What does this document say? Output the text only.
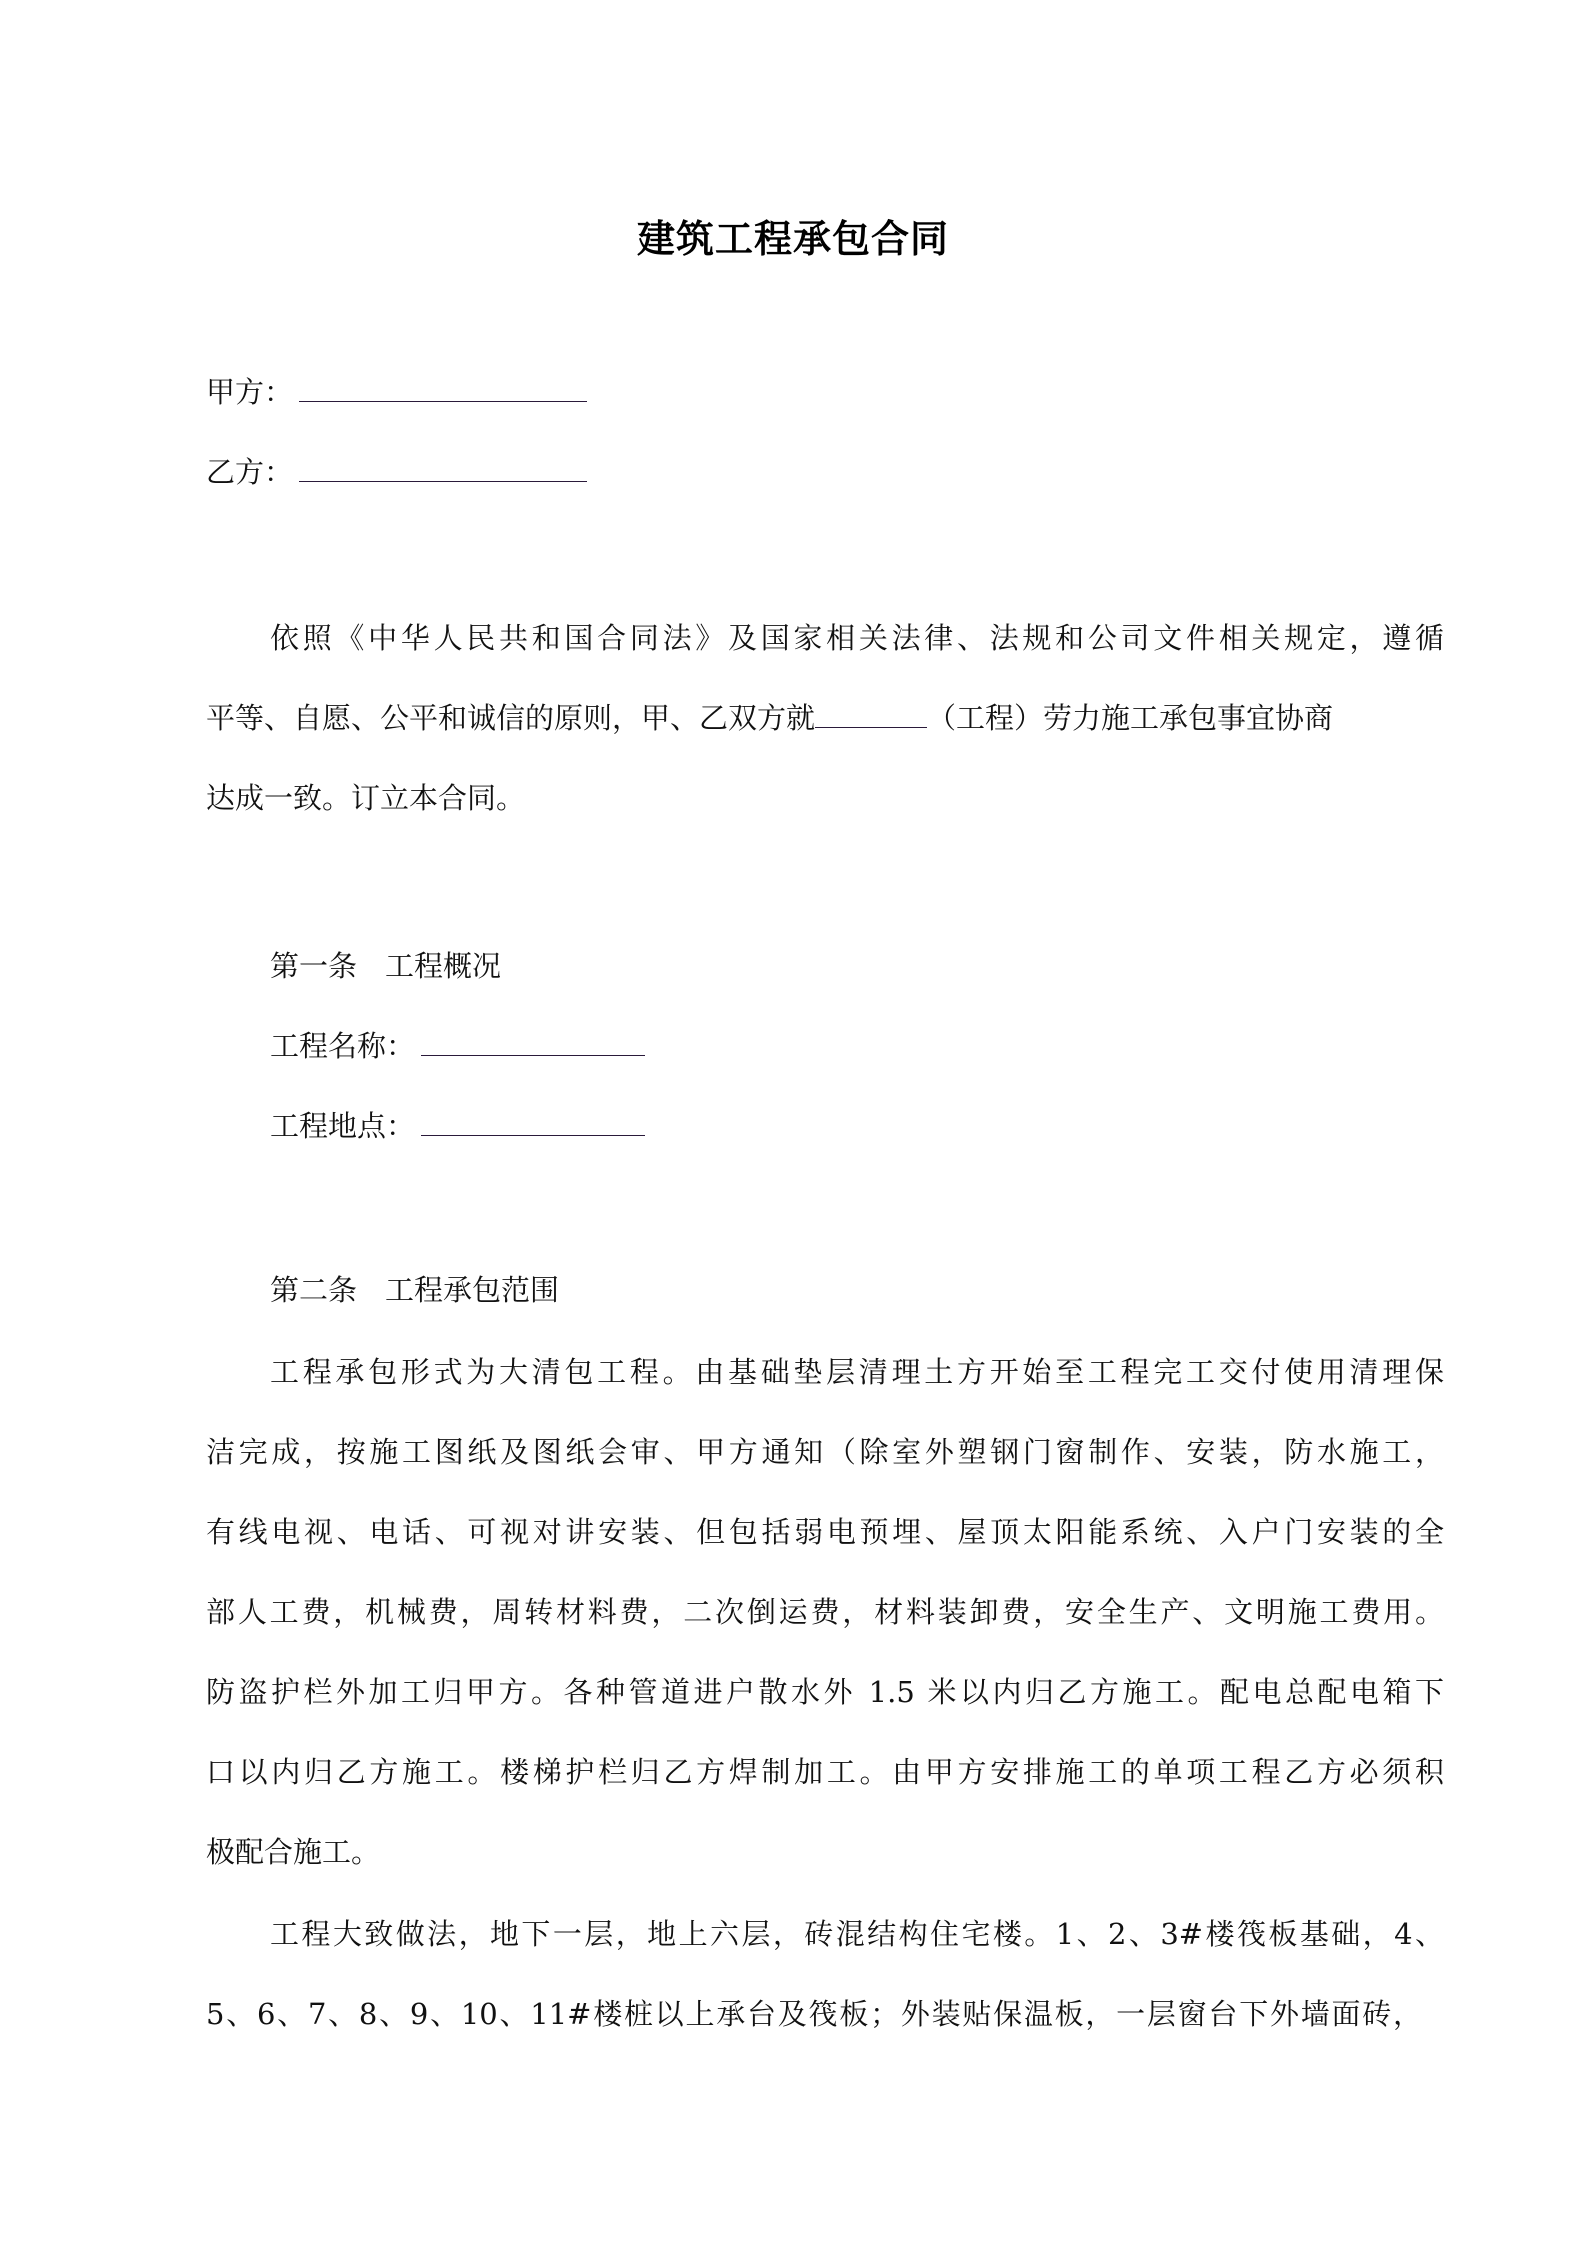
建筑工程承包合同
甲方：
乙方：
依照《中华人民共和国合同法》及国家相关法律、法规和公司文件相关规定，遵循
平等、自愿、公平和诚信的原则，甲、乙双方就	（工程）劳力施工承包事宜协商
达成一致。订立本合同。
第一条 工程概况
工程名称：
工程地点：
第二条 工程承包范围
工程承包形式为大清包工程。由基础垫层清理土方开始至工程完工交付使用清理保
洁完成，按施工图纸及图纸会审、甲方通知（除室外塑钢门窗制作、安装，防水施工，
有线电视、电话、可视对讲安装、但包括弱电预埋、屋顶太阳能系统、入户门安装的全
部人工费，机械费，周转材料费，二次倒运费，材料装卸费，安全生产、文明施工费用。
防盗护栏外加工归甲方。各种管道进户散水外 1.5 米以内归乙方施工。配电总配电箱下
口以内归乙方施工。楼梯护栏归乙方焊制加工。由甲方安排施工的单项工程乙方必须积
极配合施工。
工程大致做法，地下一层，地上六层，砖混结构住宅楼。1、2、3#楼筏板基础，4、
5、6、7、8、9、10、11#楼桩以上承台及筏板；外装贴保温板，一层窗台下外墙面砖，
